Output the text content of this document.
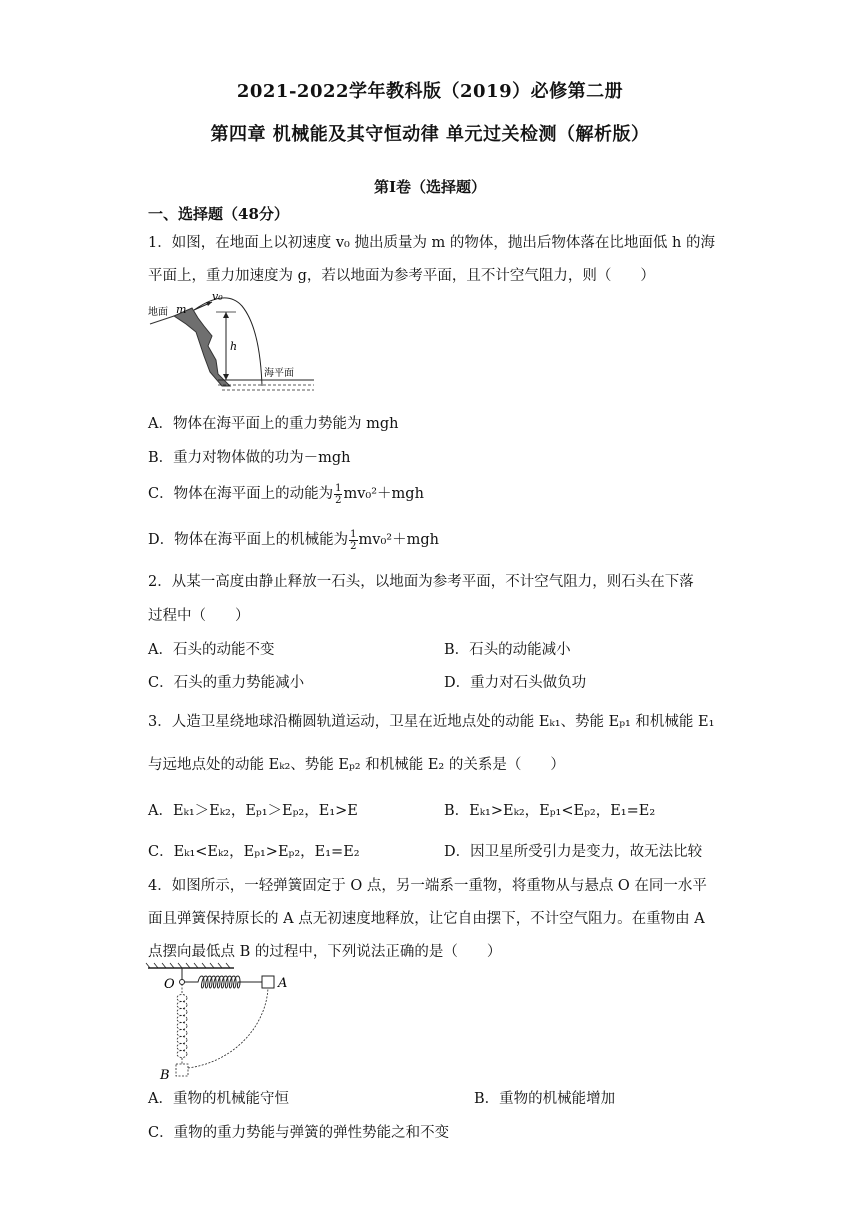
2021-2022学年教科版（2019）必修第二册
第四章 机械能及其守恒动律 单元过关检测（解析版）
第Ⅰ卷（选择题）
一、选择题（48分）
1．如图，在地面上以初速度 v₀ 抛出质量为 m 的物体，抛出后物体落在比地面低 h 的海
平面上，重力加速度为 g，若以地面为参考平面，且不计空气阻力，则（　　）
地面 m
v₀
h
海平面
A．物体在海平面上的重力势能为 mgh
B．重力对物体做的功为－mgh
C．物体在海平面上的动能为 $\frac{1}{2} mv_0^2+mgh$
D．物体在海平面上的机械能为 $\frac{1}{2} mv_0^2+mgh$
2．从某一高度由静止释放一石头，以地面为参考平面，不计空气阻力，则石头在下落
过程中（　　）
A．石头的动能不变	B．石头的动能减小
C．石头的重力势能减小	D．重力对石头做负功
3．人造卫星绕地球沿椭圆轨道运动，卫星在近地点处的动能 Eₖ₁、势能 Eₚ₁ 和机械能 E₁
与远地点处的动能 Eₖ₂、势能 Eₚ₂ 和机械能 E₂ 的关系是（　　）
A．Eₖ₁＞Eₖ₂，Eₚ₁＞Eₚ₂，E₁>E	B．Eₖ₁>Eₖ₂，Eₚ₁<Eₚ₂，E₁=E₂
C．Eₖ₁<Eₖ₂，Eₚ₁>Eₚ₂，E₁=E₂	D．因卫星所受引力是变力，故无法比较
4．如图所示，一轻弹簧固定于 O 点，另一端系一重物，将重物从与悬点 O 在同一水平
面且弹簧保持原长的 A 点无初速度地释放，让它自由摆下，不计空气阻力。在重物由 A
点摆向最低点 B 的过程中，下列说法正确的是（　　）
O	A
B
A．重物的机械能守恒	B．重物的机械能增加
C．重物的重力势能与弹簧的弹性势能之和不变
